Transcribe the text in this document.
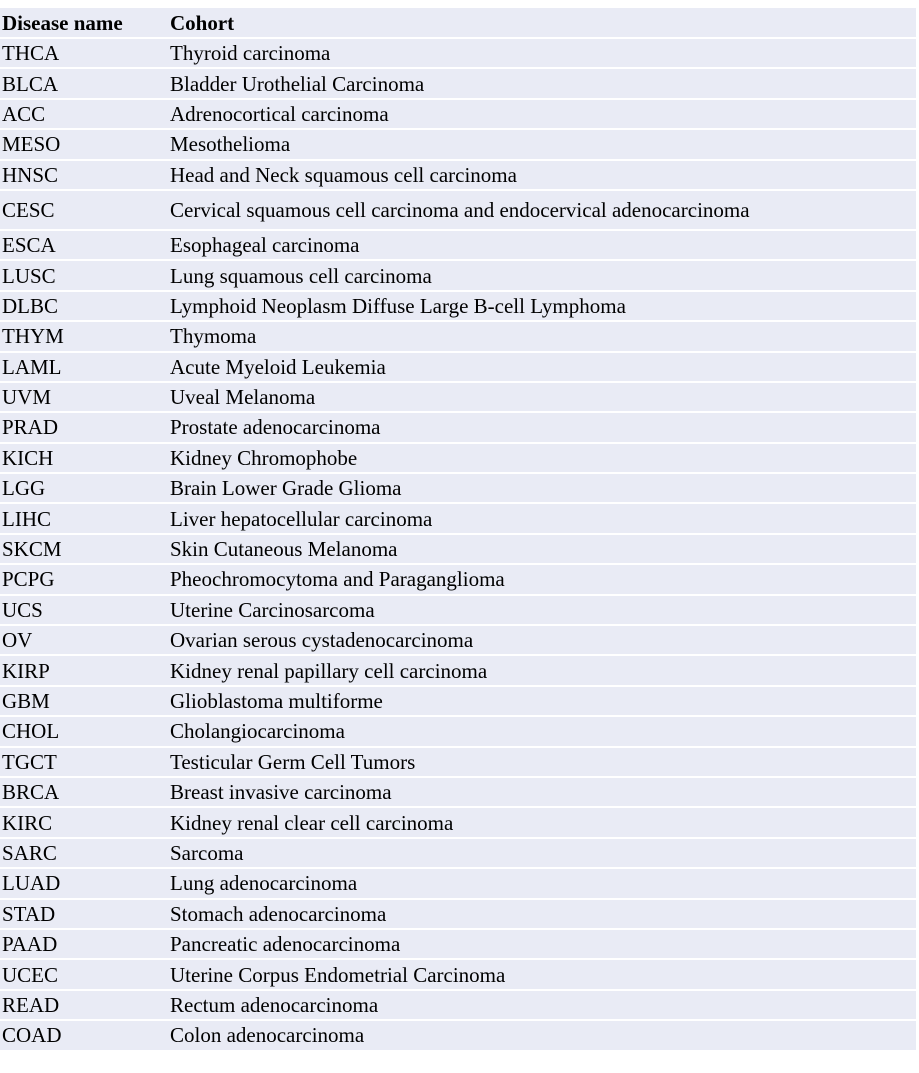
Disease name	Cohort
THCA	Thyroid carcinoma
BLCA	Bladder Urothelial Carcinoma
ACC	Adrenocortical carcinoma
MESO	Mesothelioma
HNSC	Head and Neck squamous cell carcinoma
CESC	Cervical squamous cell carcinoma and endocervical adenocarcinoma
ESCA	Esophageal carcinoma
LUSC	Lung squamous cell carcinoma
DLBC	Lymphoid Neoplasm Diffuse Large B-cell Lymphoma
THYM	Thymoma
LAML	Acute Myeloid Leukemia
UVM	Uveal Melanoma
PRAD	Prostate adenocarcinoma
KICH	Kidney Chromophobe
LGG	Brain Lower Grade Glioma
LIHC	Liver hepatocellular carcinoma
SKCM	Skin Cutaneous Melanoma
PCPG	Pheochromocytoma and Paraganglioma
UCS	Uterine Carcinosarcoma
OV	Ovarian serous cystadenocarcinoma
KIRP	Kidney renal papillary cell carcinoma
GBM	Glioblastoma multiforme
CHOL	Cholangiocarcinoma
TGCT	Testicular Germ Cell Tumors
BRCA	Breast invasive carcinoma
KIRC	Kidney renal clear cell carcinoma
SARC	Sarcoma
LUAD	Lung adenocarcinoma
STAD	Stomach adenocarcinoma
PAAD	Pancreatic adenocarcinoma
UCEC	Uterine Corpus Endometrial Carcinoma
READ	Rectum adenocarcinoma
COAD	Colon adenocarcinoma
